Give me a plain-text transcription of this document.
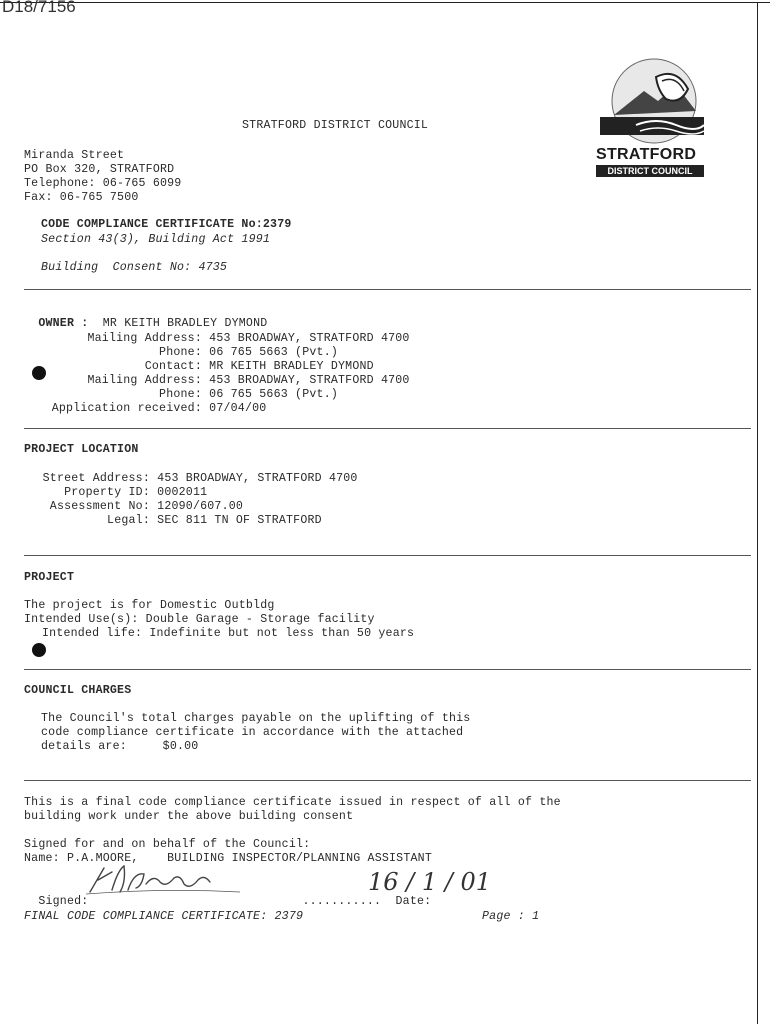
D18/7156
STRATFORD
DISTRICT COUNCIL
STRATFORD DISTRICT COUNCIL
Miranda Street
PO Box 320, STRATFORD
Telephone: 06-765 6099
Fax: 06-765 7500
CODE COMPLIANCE CERTIFICATE No:2379
Section 43(3), Building Act 1991
Building  Consent No: 4735

OWNER : MR KEITH BRADLEY DYMOND

Mailing Address: 453 BROADWAY, STRATFORD 4700
Phone: 06 765 5663 (Pvt.)
Contact: MR KEITH BRADLEY DYMOND
Mailing Address: 453 BROADWAY, STRATFORD 4700
Phone: 06 765 5663 (Pvt.)
Application received: 07/04/00
PROJECT LOCATION
Street Address: 453 BROADWAY, STRATFORD 4700
Property ID: 0002011
Assessment No: 12090/607.00
Legal: SEC 811 TN OF STRATFORD
PROJECT
The project is for Domestic Outbldg
Intended Use(s): Double Garage - Storage facility
Intended life: Indefinite but not less than 50 years
COUNCIL CHARGES
The Council's total charges payable on the uplifting of this
code compliance certificate in accordance with the attached
details are:     $0.00
This is a final code compliance certificate issued in respect of all of the
building work under the above building consent
Signed for and on behalf of the Council:
Name: P.A.MOORE,    BUILDING INSPECTOR/PLANNING ASSISTANT

Signed:	........... Date:

16 / 1 / 01
FINAL CODE COMPLIANCE CERTIFICATE: 2379	Page : 1
